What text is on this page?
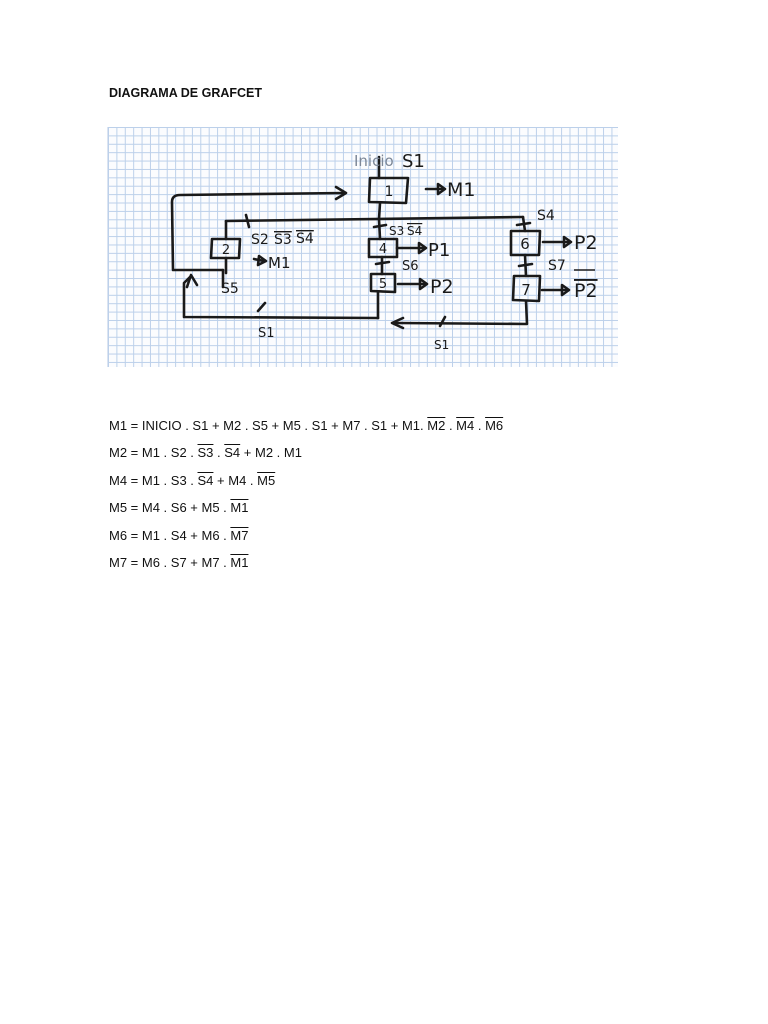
DIAGRAMA DE GRAFCET
1	M1
2
M1
4 P1
5 P2
6 P2
7 P2
Inicio S1
S2 S3 S4	S3 S4
S4
S6	S7
S5
S1
S1
M1 = INICIO . S1 + M2 . S5 + M5 . S1 + M7 . S1 + M1. M2 . M4 . M6
M2 = M1 . S2 . S3 . S4 + M2 . M1
M4 = M1 . S3 . S4 + M4 . M5
M5 = M4 . S6 + M5 . M1
M6 = M1 . S4 + M6 . M7
M7 = M6 . S7 + M7 . M1
